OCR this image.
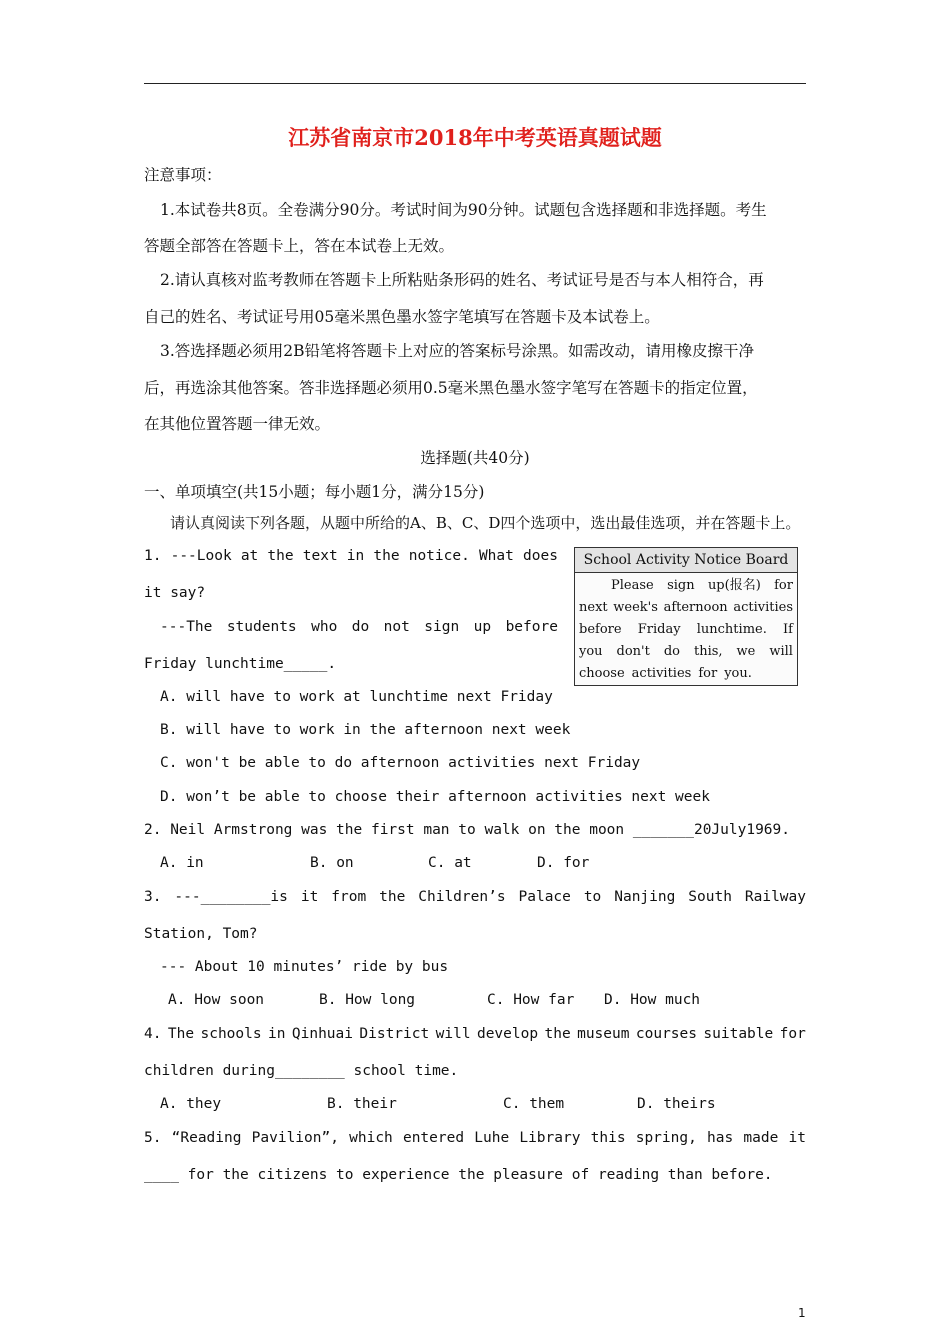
江苏省南京市2018年中考英语真题试题
注意事项：
1.本试卷共8页。全卷满分90分。考试时间为90分钟。试题包含选择题和非选择题。考生
答题全部答在答题卡上，答在本试卷上无效。
2.请认真核对监考教师在答题卡上所粘贴条形码的姓名、考试证号是否与本人相符合，再
自己的姓名、考试证号用05毫米黑色墨水签字笔填写在答题卡及本试卷上。
3.答选择题必须用2B铅笔将答题卡上对应的答案标号涂黑。如需改动，请用橡皮擦干净
后，再选涂其他答案。答非选择题必须用0.5毫米黑色墨水签字笔写在答题卡的指定位置，
在其他位置答题一律无效。
选择题(共40分)
一、单项填空(共15小题；每小题1分，满分15分)
请认真阅读下列各题，从题中所给的A、B、C、D四个选项中，选出最佳选项，并在答题卡上。
1. ---Look at the text in the notice. What does
it say?
---The students who do not sign up before
Friday lunchtime_____.
School Activity Notice Board
Please sign up(报名) for
next week's afternoon activities
before Friday lunchtime. If
you don't do this, we will
choose activities for you.
A. will have to work at lunchtime next Friday
B. will have to work in the afternoon next week
C. won't be able to do afternoon activities next Friday
D. won’t be able to choose their afternoon activities next week
2. Neil Armstrong was the first man to walk on the moon _______20July1969.
A. in	B. on	C. at	D. for
3. ---________is it from the Children’s Palace to Nanjing South Railway
Station, Tom?
--- About 10 minutes’ ride by bus
A. How soon	B. How long	C. How far D. How much
4. The schools in Qinhuai District will develop the museum courses suitable for
children during________ school time.
A. they	B. their	C. them	D. theirs
5. “Reading Pavilion”, which entered Luhe Library this spring, has made it
____ for the citizens to experience the pleasure of reading than before.
1
